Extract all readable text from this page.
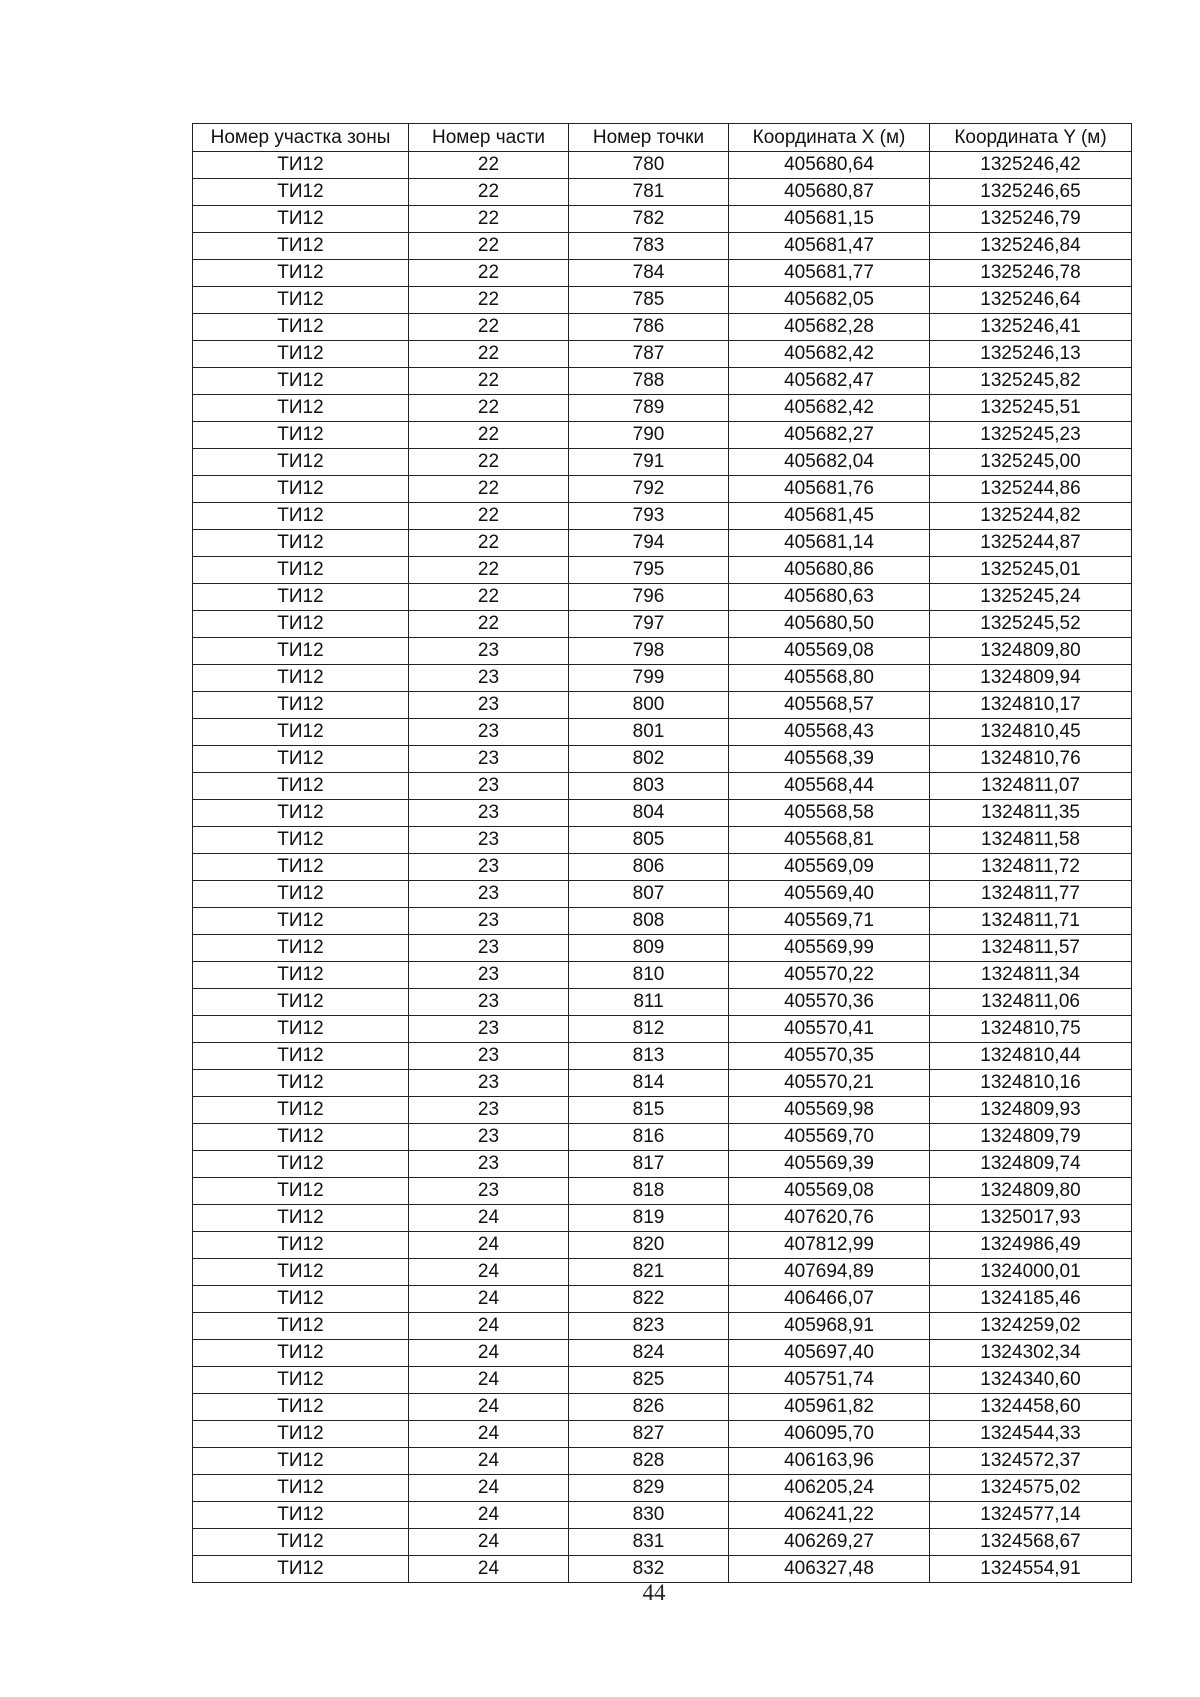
Номер участка зоны	Номер части	Номер точки	Координата X (м)	Координата Y (м)
ТИ12	22	780	405680,64	1325246,42
ТИ12	22	781	405680,87	1325246,65
ТИ12	22	782	405681,15	1325246,79
ТИ12	22	783	405681,47	1325246,84
ТИ12	22	784	405681,77	1325246,78
ТИ12	22	785	405682,05	1325246,64
ТИ12	22	786	405682,28	1325246,41
ТИ12	22	787	405682,42	1325246,13
ТИ12	22	788	405682,47	1325245,82
ТИ12	22	789	405682,42	1325245,51
ТИ12	22	790	405682,27	1325245,23
ТИ12	22	791	405682,04	1325245,00
ТИ12	22	792	405681,76	1325244,86
ТИ12	22	793	405681,45	1325244,82
ТИ12	22	794	405681,14	1325244,87
ТИ12	22	795	405680,86	1325245,01
ТИ12	22	796	405680,63	1325245,24
ТИ12	22	797	405680,50	1325245,52
ТИ12	23	798	405569,08	1324809,80
ТИ12	23	799	405568,80	1324809,94
ТИ12	23	800	405568,57	1324810,17
ТИ12	23	801	405568,43	1324810,45
ТИ12	23	802	405568,39	1324810,76
ТИ12	23	803	405568,44	1324811,07
ТИ12	23	804	405568,58	1324811,35
ТИ12	23	805	405568,81	1324811,58
ТИ12	23	806	405569,09	1324811,72
ТИ12	23	807	405569,40	1324811,77
ТИ12	23	808	405569,71	1324811,71
ТИ12	23	809	405569,99	1324811,57
ТИ12	23	810	405570,22	1324811,34
ТИ12	23	811	405570,36	1324811,06
ТИ12	23	812	405570,41	1324810,75
ТИ12	23	813	405570,35	1324810,44
ТИ12	23	814	405570,21	1324810,16
ТИ12	23	815	405569,98	1324809,93
ТИ12	23	816	405569,70	1324809,79
ТИ12	23	817	405569,39	1324809,74
ТИ12	23	818	405569,08	1324809,80
ТИ12	24	819	407620,76	1325017,93
ТИ12	24	820	407812,99	1324986,49
ТИ12	24	821	407694,89	1324000,01
ТИ12	24	822	406466,07	1324185,46
ТИ12	24	823	405968,91	1324259,02
ТИ12	24	824	405697,40	1324302,34
ТИ12	24	825	405751,74	1324340,60
ТИ12	24	826	405961,82	1324458,60
ТИ12	24	827	406095,70	1324544,33
ТИ12	24	828	406163,96	1324572,37
ТИ12	24	829	406205,24	1324575,02
ТИ12	24	830	406241,22	1324577,14
ТИ12	24	831	406269,27	1324568,67
ТИ12	24	832	406327,48	1324554,91
44
